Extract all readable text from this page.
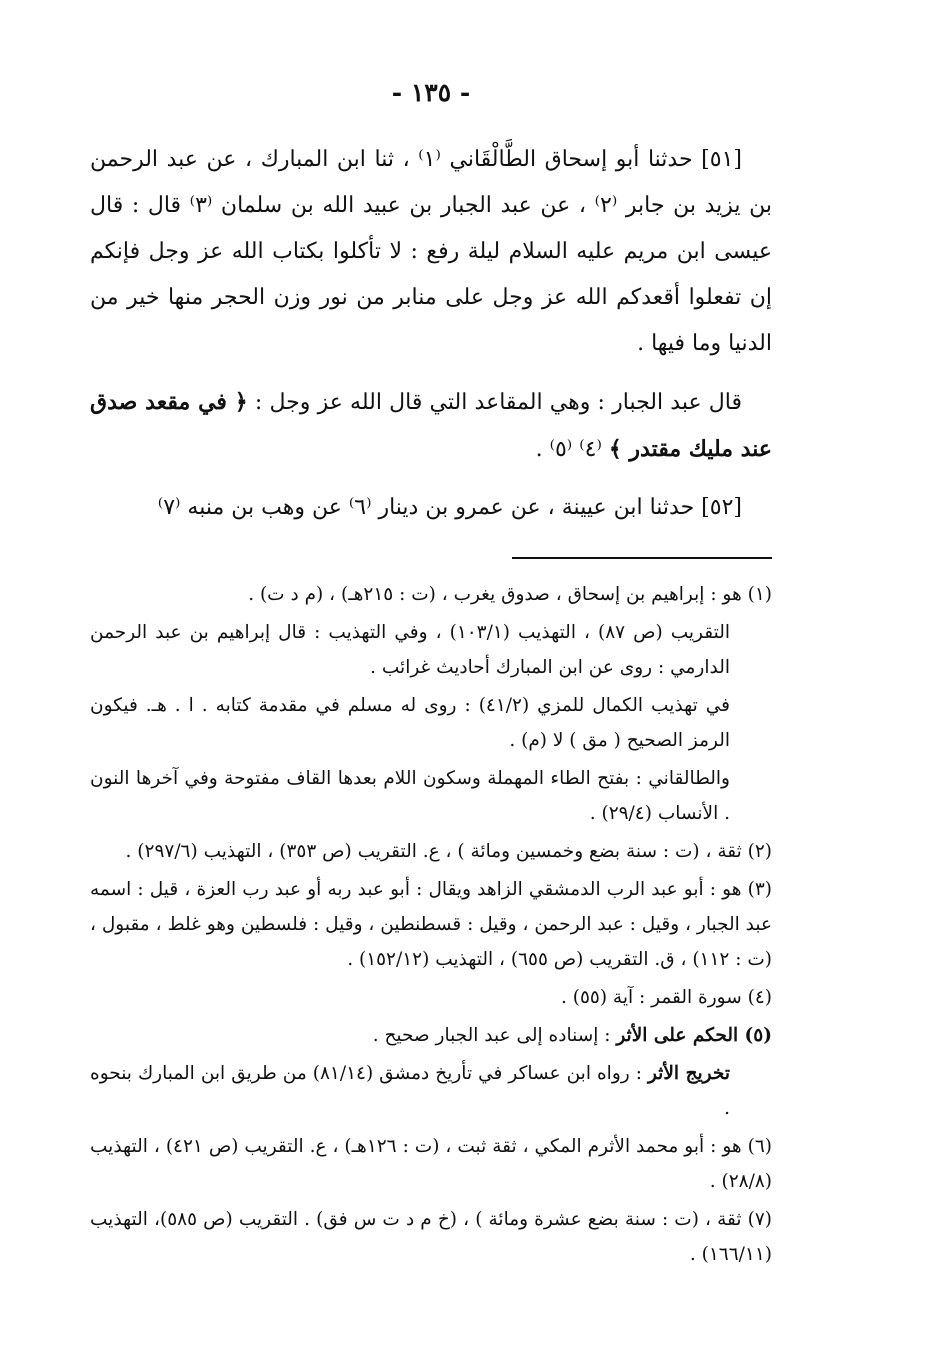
- ١٣٥ -

[٥١] حدثنا أبو إسحاق الطَّالْقَاني ⁽١⁾ ، ثنا ابن المبارك ، عن عبد الرحمن بن يزيد بن جابر ⁽٢⁾ ، عن عبد الجبار بن عبيد الله بن سلمان ⁽٣⁾ قال : قال عيسى ابن مريم عليه السلام ليلة رفع : لا تأكلوا بكتاب الله عز وجل فإنكم إن تفعلوا أقعدكم الله عز وجل على منابر من نور وزن الحجر منها خير من الدنيا وما فيها .

قال عبد الجبار : وهي المقاعد التي قال الله عز وجل : ﴿ في مقعد صدق عند مليك مقتدر ﴾ ⁽٤⁾ ⁽٥⁾ .

[٥٢] حدثنا ابن عيينة ، عن عمرو بن دينار ⁽٦⁾ عن وهب بن منبه ⁽٧⁾

(١) هو : إبراهيم بن إسحاق ، صدوق يغرب ، (ت : ٢١٥هـ) ، (م د ت) .

التقريب (ص ٨٧) ، التهذيب (١٠٣/١) ، وفي التهذيب : قال إبراهيم بن عبد الرحمن الدارمي : روى عن ابن المبارك أحاديث غرائب .

في تهذيب الكمال للمزي (٤١/٢) : روى له مسلم في مقدمة كتابه . ا . هـ. فيكون الرمز الصحيح ( مق ) لا (م) .

والطالقاني : بفتح الطاء المهملة وسكون اللام بعدها القاف مفتوحة وفي آخرها النون . الأنساب (٢٩/٤) .

(٢) ثقة ، (ت : سنة بضع وخمسين ومائة ) ، ع. التقريب (ص ٣٥٣) ، التهذيب (٢٩٧/٦) .

(٣) هو : أبو عبد الرب الدمشقي الزاهد ويقال : أبو عبد ربه أو عبد رب العزة ، قيل : اسمه عبد الجبار ، وقيل : عبد الرحمن ، وقيل : قسطنطين ، وقيل : فلسطين وهو غلط ، مقبول ، (ت : ١١٢) ، ق. التقريب (ص ٦٥٥) ، التهذيب (١٥٢/١٢) .

(٤) سورة القمر : آية (٥٥) .

(٥) الحكم على الأثر : إسناده إلى عبد الجبار صحيح .

تخريج الأثر : رواه ابن عساكر في تأريخ دمشق (٨١/١٤) من طريق ابن المبارك بنحوه .

(٦) هو : أبو محمد الأثرم المكي ، ثقة ثبت ، (ت : ١٢٦هـ) ، ع. التقريب (ص ٤٢١) ، التهذيب (٢٨/٨) .

(٧) ثقة ، (ت : سنة بضع عشرة ومائة ) ، (خ م د ت س فق) . التقريب (ص ٥٨٥)، التهذيب (١٦٦/١١) .
